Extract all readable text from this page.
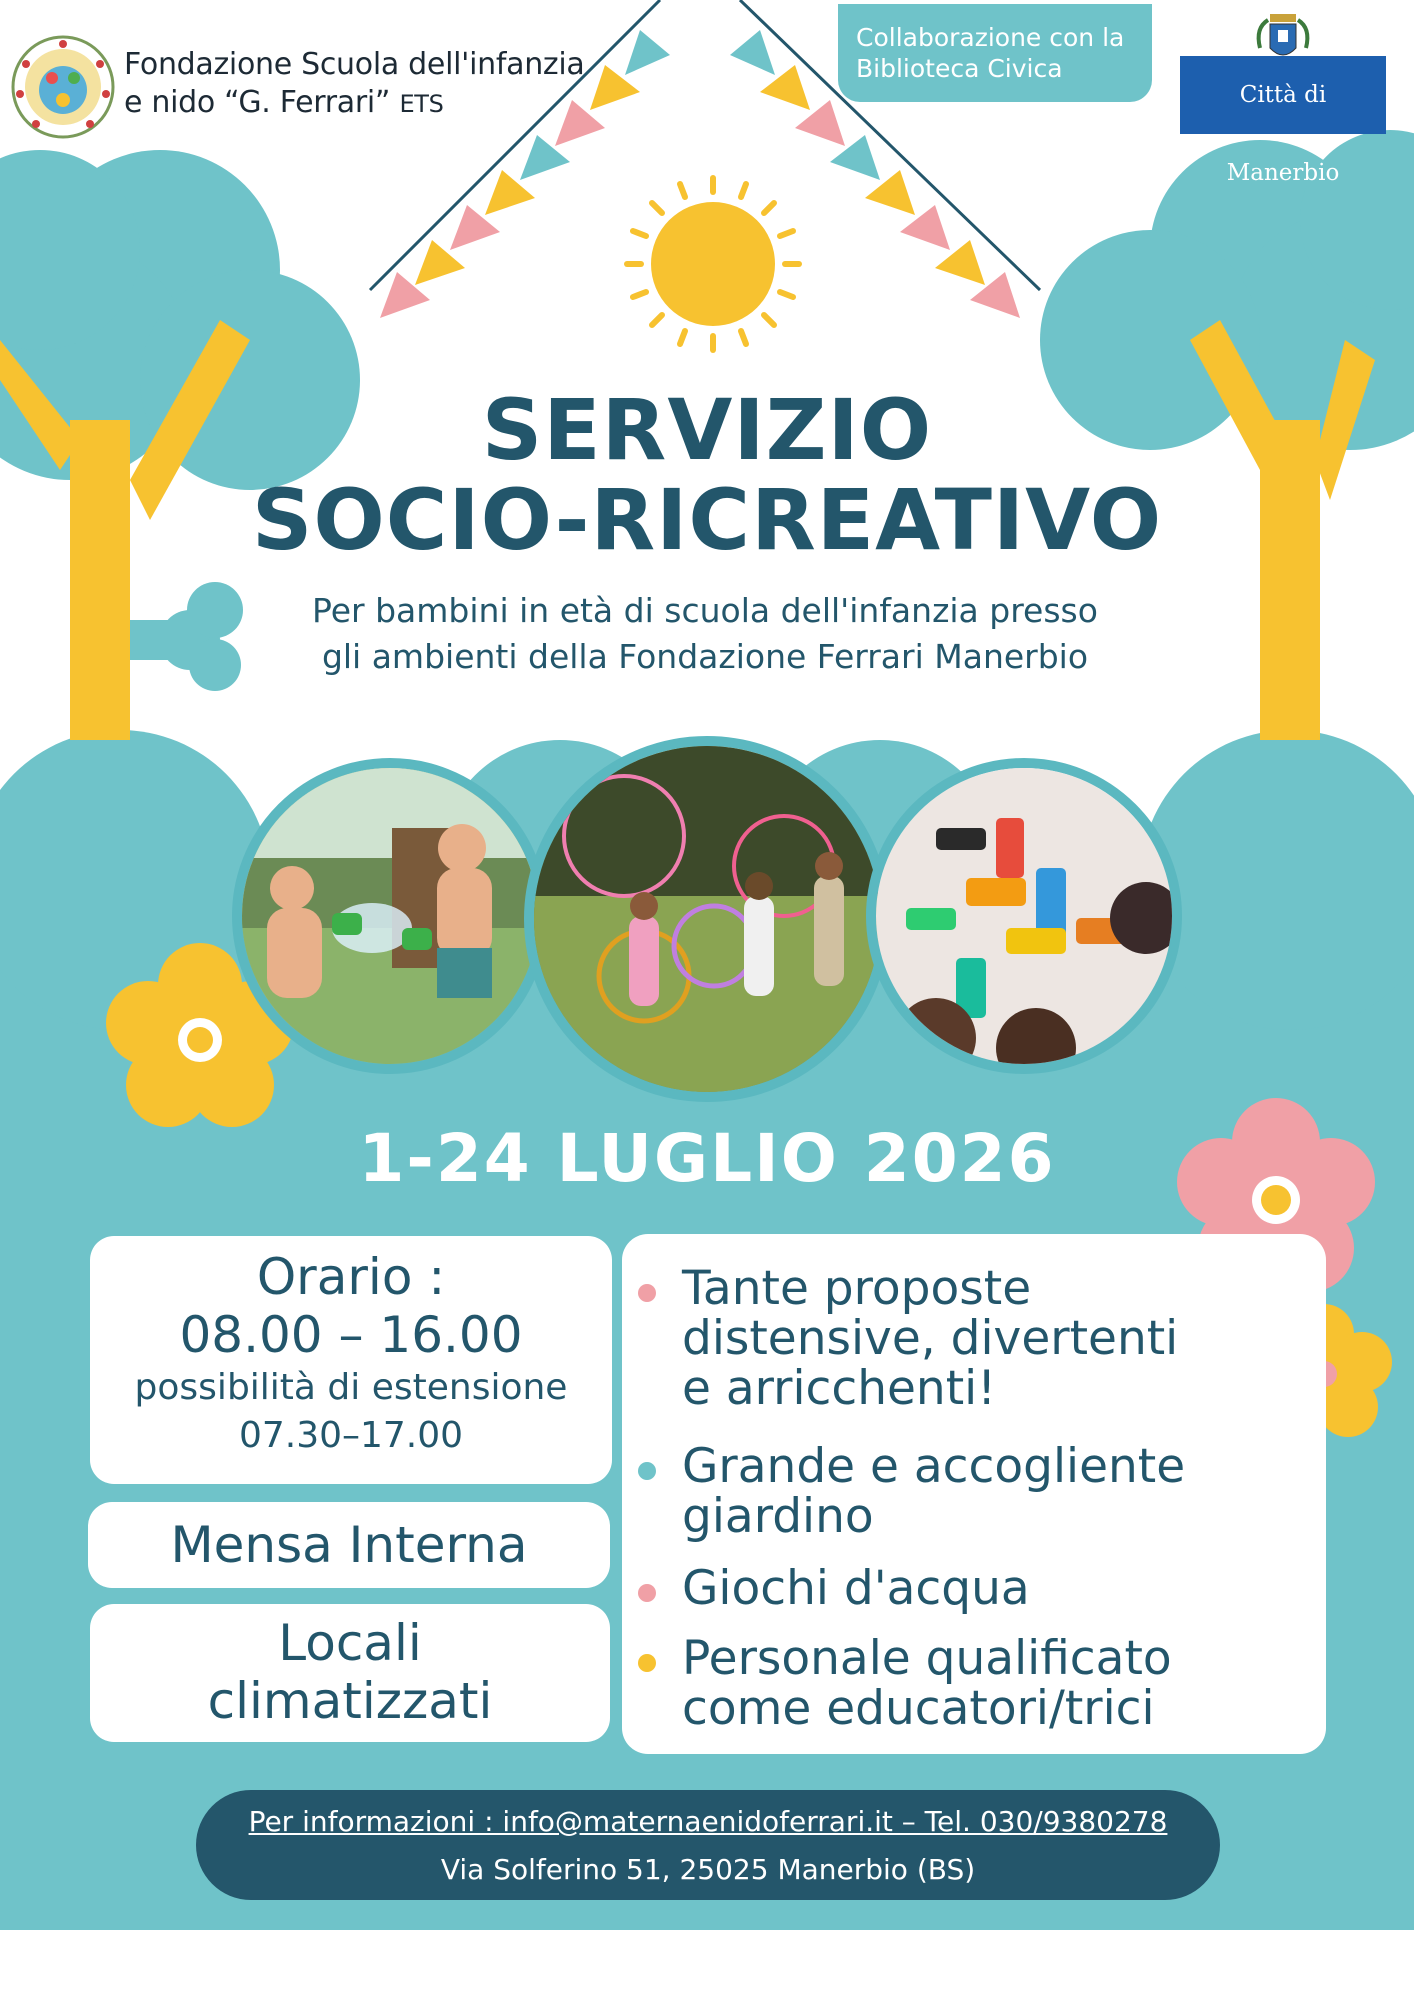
Fondazione Scuola dell'infanzia
e nido “G. Ferrari” ETS
Collaborazione con la
Biblioteca Civica
Città di Manerbio
SERVIZIO
SOCIO-RICREATIVO
Per bambini in età di scuola dell'infanzia presso
gli ambienti della Fondazione Ferrari Manerbio
1-24 LUGLIO 2026
Orario :
08.00 – 16.00
possibilità di estensione
07.30–17.00
Mensa Interna
Locali
climatizzati
Tante proposte
distensive, divertenti
e arricchenti!
Grande e accogliente
giardino
Giochi d'acqua
Personale qualificato
come educatori/trici
Per informazioni : info@maternaenidoferrari.it – Tel. 030/9380278
Via Solferino 51, 25025 Manerbio (BS)
